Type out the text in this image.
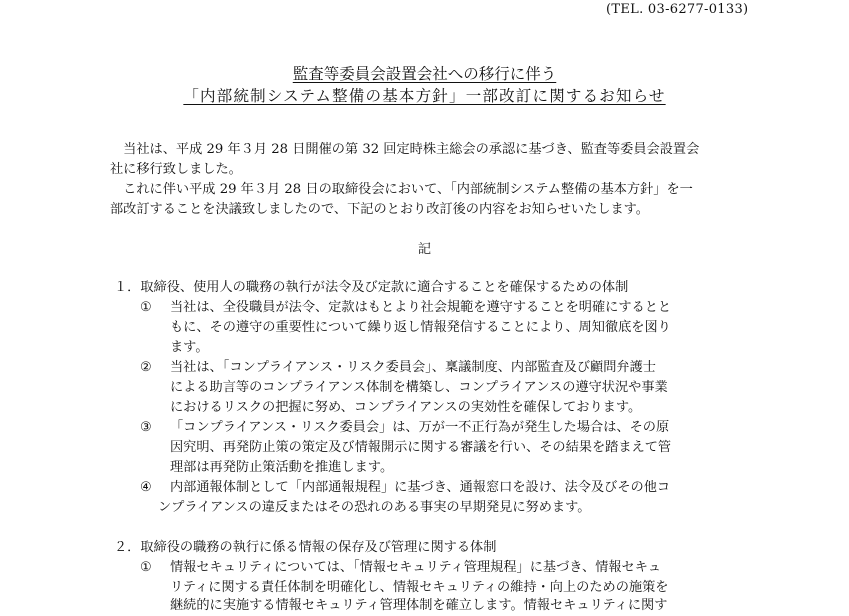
(TEL. 03-6277-0133)
監査等委員会設置会社への移行に伴う
「内部統制システム整備の基本方針」一部改訂に関するお知らせ
　当社は、平成 29 年３月 28 日開催の第 32 回定時株主総会の承認に基づき、監査等委員会設置会
社に移行致しました。
　これに伴い平成 29 年３月 28 日の取締役会において、「内部統制システム整備の基本方針」を一
部改訂することを決議致しましたので、下記のとおり改訂後の内容をお知らせいたします。
記
１．取締役、使用人の職務の執行が法令及び定款に適合することを確保するための体制
① 当社は、全役職員が法令、定款はもとより社会規範を遵守することを明確にするとと
もに、その遵守の重要性について繰り返し情報発信することにより、周知徹底を図り
ます。
② 当社は、「コンプライアンス・リスク委員会」、稟議制度、内部監査及び顧問弁護士
による助言等のコンプライアンス体制を構築し、コンプライアンスの遵守状況や事業
におけるリスクの把握に努め、コンプライアンスの実効性を確保しております。
③ 「コンプライアンス・リスク委員会」は、万が一不正行為が発生した場合は、その原
因究明、再発防止策の策定及び情報開示に関する審議を行い、その結果を踏まえて管
理部は再発防止策活動を推進します。
④ 内部通報体制として「内部通報規程」に基づき、通報窓口を設け、法令及びその他コ
ンプライアンスの違反またはその恐れのある事実の早期発見に努めます。
２．取締役の職務の執行に係る情報の保存及び管理に関する体制
① 情報セキュリティについては、「情報セキュリティ管理規程」に基づき、情報セキュ
リティに関する責任体制を明確化し、情報セキュリティの維持・向上のための施策を
継続的に実施する情報セキュリティ管理体制を確立します。情報セキュリティに関す
